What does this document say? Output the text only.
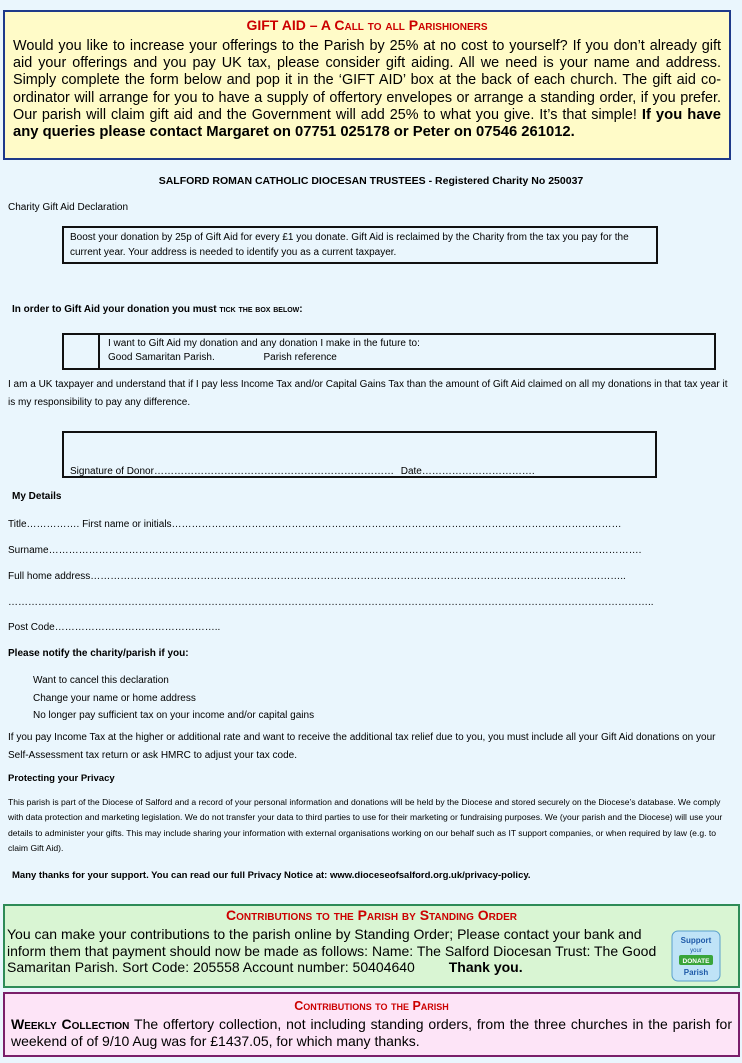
GIFT AID – A Call to all Parishioners
Would you like to increase your offerings to the Parish by 25% at no cost to yourself? If you don’t already gift aid your offerings and you pay UK tax, please consider gift aiding. All we need is your name and address. Simply complete the form below and pop it in the ‘GIFT AID’ box at the back of each church. The gift aid co-ordinator will arrange for you to have a supply of offertory envelopes or arrange a standing order, if you prefer. Our parish will claim gift aid and the Government will add 25% to what you give. It’s that simple! If you have any queries please contact Margaret on 07751 025178 or Peter on 07546 261012.
SALFORD ROMAN CATHOLIC DIOCESAN TRUSTEES - Registered Charity No 250037
Charity Gift Aid Declaration
Boost your donation by 25p of Gift Aid for every £1 you donate. Gift Aid is reclaimed by the Charity from the tax you pay for the current year. Your address is needed to identify you as a current taxpayer.
In order to Gift Aid your donation you must tick the box below:
I want to Gift Aid my donation and any donation I make in the future to:
Good Samaritan Parish.	Parish reference
I am a UK taxpayer and understand that if I pay less Income Tax and/or Capital Gains Tax than the amount of Gift Aid claimed on all my donations in that tax year it is my responsibility to pay any difference.
Signature of Donor……………………………………………………………… Date…………………………….
My Details
Title……………. First name or initials………………………………………………………………………………………………………………………
Surname…………………………………………………………………………………………………………………………………………………………….
Full home address……………………………………………………………………………………………………………………………………………..
…………………………………………………………………………………………………………………………………………………………………………..
Post Code…………………………………………..
Please notify the charity/parish if you:
Want to cancel this declaration
Change your name or home address
No longer pay sufficient tax on your income and/or capital gains
If you pay Income Tax at the higher or additional rate and want to receive the additional tax relief due to you, you must include all your Gift Aid donations on your Self-Assessment tax return or ask HMRC to adjust your tax code.
Protecting your Privacy
This parish is part of the Diocese of Salford and a record of your personal information and donations will be held by the Diocese and stored securely on the Diocese’s database. We comply with data protection and marketing legislation. We do not transfer your data to third parties to use for their marketing or fundraising purposes. We (your parish and the Diocese) will use your details to administer your gifts. This may include sharing your information with external organisations working on our behalf such as IT support companies, or when required by law (e.g. to claim Gift Aid).
Many thanks for your support. You can read our full Privacy Notice at: www.dioceseofsalford.org.uk/privacy-policy.
Contributions to the Parish by Standing Order
You can make your contributions to the parish online by Standing Order; Please contact your bank and inform them that payment should now be made as follows: Name: The Salford Diocesan Trust: The Good Samaritan Parish. Sort Code: 205558 Account number: 50404640 Thank you.
Support
your
DONATE
Parish
Contributions to the Parish
Weekly Collection The offertory collection, not including standing orders, from the three churches in the parish for weekend of of 9/10 Aug was for £1437.05, for which many thanks.
